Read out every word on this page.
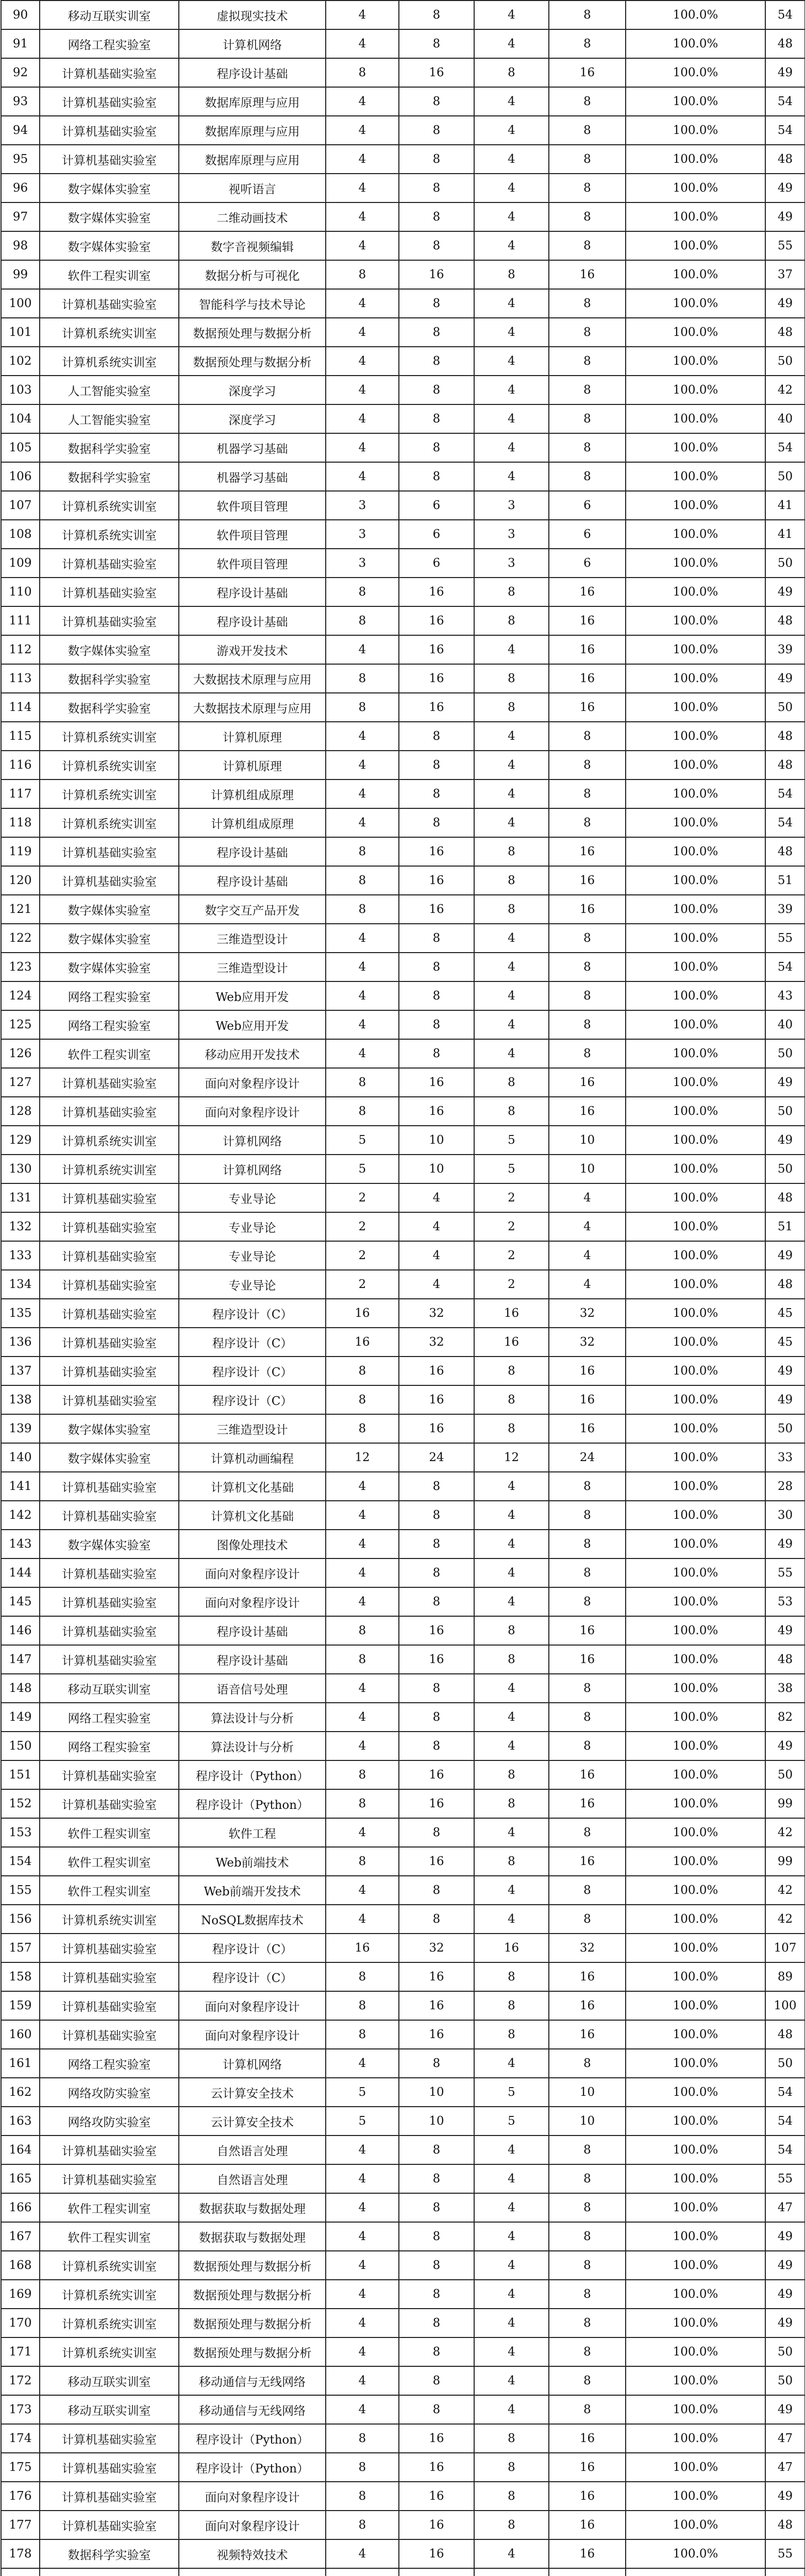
90	移动互联实训室	虚拟现实技术	4	8	4	8	100.0%	54
91	网络工程实验室	计算机网络	4	8	4	8	100.0%	48
92	计算机基础实验室	程序设计基础	8	16	8	16	100.0%	49
93	计算机基础实验室	数据库原理与应用	4	8	4	8	100.0%	54
94	计算机基础实验室	数据库原理与应用	4	8	4	8	100.0%	54
95	计算机基础实验室	数据库原理与应用	4	8	4	8	100.0%	48
96	数字媒体实验室	视听语言	4	8	4	8	100.0%	49
97	数字媒体实验室	二维动画技术	4	8	4	8	100.0%	49
98	数字媒体实验室	数字音视频编辑	4	8	4	8	100.0%	55
99	软件工程实训室	数据分析与可视化	8	16	8	16	100.0%	37
100	计算机基础实验室	智能科学与技术导论	4	8	4	8	100.0%	49
101	计算机系统实训室	数据预处理与数据分析	4	8	4	8	100.0%	48
102	计算机系统实训室	数据预处理与数据分析	4	8	4	8	100.0%	50
103	人工智能实验室	深度学习	4	8	4	8	100.0%	42
104	人工智能实验室	深度学习	4	8	4	8	100.0%	40
105	数据科学实验室	机器学习基础	4	8	4	8	100.0%	54
106	数据科学实验室	机器学习基础	4	8	4	8	100.0%	50
107	计算机系统实训室	软件项目管理	3	6	3	6	100.0%	41
108	计算机系统实训室	软件项目管理	3	6	3	6	100.0%	41
109	计算机基础实验室	软件项目管理	3	6	3	6	100.0%	50
110	计算机基础实验室	程序设计基础	8	16	8	16	100.0%	49
111	计算机基础实验室	程序设计基础	8	16	8	16	100.0%	48
112	数字媒体实验室	游戏开发技术	4	16	4	16	100.0%	39
113	数据科学实验室	大数据技术原理与应用	8	16	8	16	100.0%	49
114	数据科学实验室	大数据技术原理与应用	8	16	8	16	100.0%	50
115	计算机系统实训室	计算机原理	4	8	4	8	100.0%	48
116	计算机系统实训室	计算机原理	4	8	4	8	100.0%	48
117	计算机系统实训室	计算机组成原理	4	8	4	8	100.0%	54
118	计算机系统实训室	计算机组成原理	4	8	4	8	100.0%	54
119	计算机基础实验室	程序设计基础	8	16	8	16	100.0%	48
120	计算机基础实验室	程序设计基础	8	16	8	16	100.0%	51
121	数字媒体实验室	数字交互产品开发	8	16	8	16	100.0%	39
122	数字媒体实验室	三维造型设计	4	8	4	8	100.0%	55
123	数字媒体实验室	三维造型设计	4	8	4	8	100.0%	54
124	网络工程实验室	Web应用开发	4	8	4	8	100.0%	43
125	网络工程实验室	Web应用开发	4	8	4	8	100.0%	40
126	软件工程实训室	移动应用开发技术	4	8	4	8	100.0%	50
127	计算机基础实验室	面向对象程序设计	8	16	8	16	100.0%	49
128	计算机基础实验室	面向对象程序设计	8	16	8	16	100.0%	50
129	计算机系统实训室	计算机网络	5	10	5	10	100.0%	49
130	计算机系统实训室	计算机网络	5	10	5	10	100.0%	50
131	计算机基础实验室	专业导论	2	4	2	4	100.0%	48
132	计算机基础实验室	专业导论	2	4	2	4	100.0%	51
133	计算机基础实验室	专业导论	2	4	2	4	100.0%	49
134	计算机基础实验室	专业导论	2	4	2	4	100.0%	48
135	计算机基础实验室	程序设计（C）	16	32	16	32	100.0%	45
136	计算机基础实验室	程序设计（C）	16	32	16	32	100.0%	45
137	计算机基础实验室	程序设计（C）	8	16	8	16	100.0%	49
138	计算机基础实验室	程序设计（C）	8	16	8	16	100.0%	49
139	数字媒体实验室	三维造型设计	8	16	8	16	100.0%	50
140	数字媒体实验室	计算机动画编程	12	24	12	24	100.0%	33
141	计算机基础实验室	计算机文化基础	4	8	4	8	100.0%	28
142	计算机基础实验室	计算机文化基础	4	8	4	8	100.0%	30
143	数字媒体实验室	图像处理技术	4	8	4	8	100.0%	49
144	计算机基础实验室	面向对象程序设计	4	8	4	8	100.0%	55
145	计算机基础实验室	面向对象程序设计	4	8	4	8	100.0%	53
146	计算机基础实验室	程序设计基础	8	16	8	16	100.0%	49
147	计算机基础实验室	程序设计基础	8	16	8	16	100.0%	48
148	移动互联实训室	语音信号处理	4	8	4	8	100.0%	38
149	网络工程实验室	算法设计与分析	4	8	4	8	100.0%	82
150	网络工程实验室	算法设计与分析	4	8	4	8	100.0%	49
151	计算机基础实验室	程序设计（Python）	8	16	8	16	100.0%	50
152	计算机基础实验室	程序设计（Python）	8	16	8	16	100.0%	99
153	软件工程实训室	软件工程	4	8	4	8	100.0%	42
154	软件工程实训室	Web前端技术	8	16	8	16	100.0%	99
155	软件工程实训室	Web前端开发技术	4	8	4	8	100.0%	42
156	计算机系统实训室	NoSQL数据库技术	4	8	4	8	100.0%	42
157	计算机基础实验室	程序设计（C）	16	32	16	32	100.0%	107
158	计算机基础实验室	程序设计（C）	8	16	8	16	100.0%	89
159	计算机基础实验室	面向对象程序设计	8	16	8	16	100.0%	100
160	计算机基础实验室	面向对象程序设计	8	16	8	16	100.0%	48
161	网络工程实验室	计算机网络	4	8	4	8	100.0%	50
162	网络攻防实验室	云计算安全技术	5	10	5	10	100.0%	54
163	网络攻防实验室	云计算安全技术	5	10	5	10	100.0%	54
164	计算机基础实验室	自然语言处理	4	8	4	8	100.0%	54
165	计算机基础实验室	自然语言处理	4	8	4	8	100.0%	55
166	软件工程实训室	数据获取与数据处理	4	8	4	8	100.0%	47
167	软件工程实训室	数据获取与数据处理	4	8	4	8	100.0%	49
168	计算机系统实训室	数据预处理与数据分析	4	8	4	8	100.0%	49
169	计算机系统实训室	数据预处理与数据分析	4	8	4	8	100.0%	49
170	计算机系统实训室	数据预处理与数据分析	4	8	4	8	100.0%	49
171	计算机系统实训室	数据预处理与数据分析	4	8	4	8	100.0%	50
172	移动互联实训室	移动通信与无线网络	4	8	4	8	100.0%	50
173	移动互联实训室	移动通信与无线网络	4	8	4	8	100.0%	49
174	计算机基础实验室	程序设计（Python）	8	16	8	16	100.0%	47
175	计算机基础实验室	程序设计（Python）	8	16	8	16	100.0%	47
176	计算机基础实验室	面向对象程序设计	8	16	8	16	100.0%	49
177	计算机基础实验室	面向对象程序设计	8	16	8	16	100.0%	48
178	数据科学实验室	视频特效技术	4	16	4	16	100.0%	55
